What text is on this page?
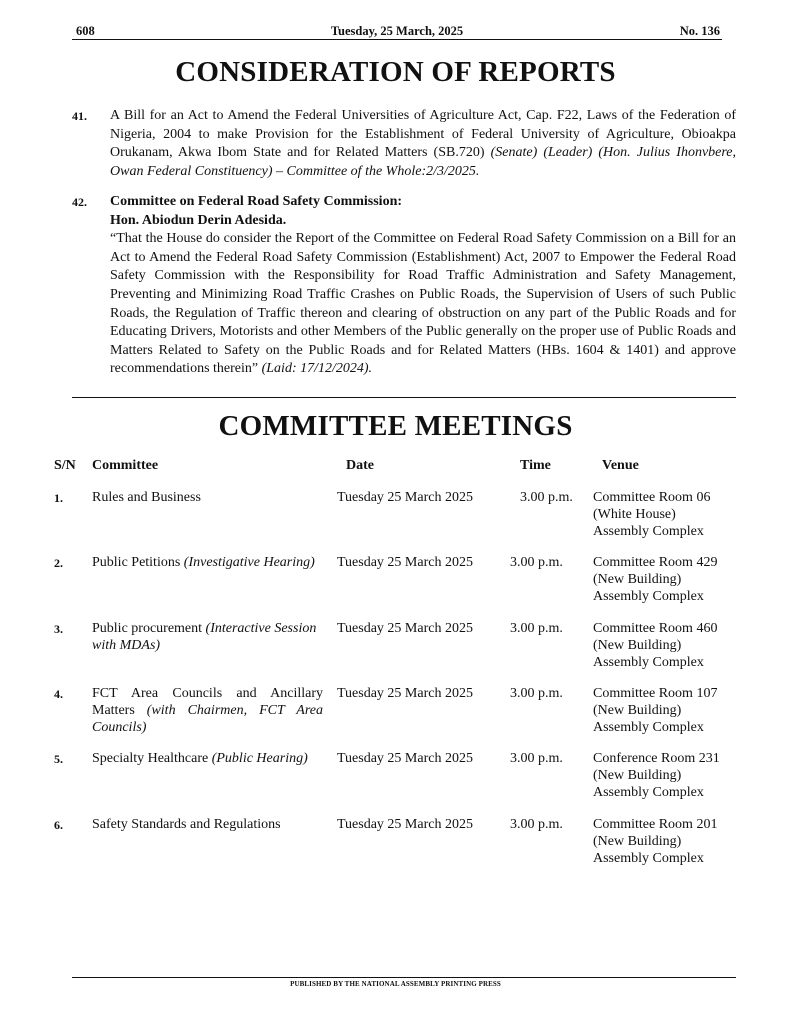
608	Tuesday, 25 March, 2025	No. 136
CONSIDERATION OF REPORTS
41. A Bill for an Act to Amend the Federal Universities of Agriculture Act, Cap. F22, Laws of the Federation of Nigeria, 2004 to make Provision for the Establishment of Federal University of Agriculture, Obioakpa Orukanam, Akwa Ibom State and for Related Matters (SB.720) (Senate) (Leader) (Hon. Julius Ihonvbere, Owan Federal Constituency) – Committee of the Whole:2/3/2025.
42. Committee on Federal Road Safety Commission:
Hon. Abiodun Derin Adesida.
“That the House do consider the Report of the Committee on Federal Road Safety Commission on a Bill for an Act to Amend the Federal Road Safety Commission (Establishment) Act, 2007 to Empower the Federal Road Safety Commission with the Responsibility for Road Traffic Administration and Safety Management, Preventing and Minimizing Road Traffic Crashes on Public Roads, the Supervision of Users of such Public Roads, the Regulation of Traffic thereon and clearing of obstruction on any part of the Public Roads and for Educating Drivers, Motorists and other Members of the Public generally on the proper use of Public Roads and Matters Related to Safety on the Public Roads and for Related Matters (HBs. 1604 & 1401) and approve recommendations therein” (Laid: 17/12/2024).
COMMITTEE MEETINGS
S/N Committee	Date	Time	Venue
1. Rules and Business	Tuesday 25 March 2025	3.00 p.m. Committee Room 06
(White House)
Assembly Complex
2. Public Petitions (Investigative Hearing)	Tuesday 25 March 2025	3.00 p.m. Committee Room 429
(New Building)
Assembly Complex
3. Public procurement (Interactive Session with MDAs)
Tuesday 25 March 2025	3.00 p.m. Committee Room 460
(New Building)
Assembly Complex
4. FCT Area Councils and Ancillary Matters (with Chairmen, FCT Area Councils)
Tuesday 25 March 2025	3.00 p.m. Committee Room 107
(New Building)
Assembly Complex
5. Specialty Healthcare (Public Hearing)	Tuesday 25 March 2025	3.00 p.m. Conference Room 231
(New Building)
Assembly Complex
6. Safety Standards and Regulations	Tuesday 25 March 2025	3.00 p.m. Committee Room 201
(New Building)
Assembly Complex
PUBLISHED BY THE NATIONAL ASSEMBLY PRINTING PRESS
